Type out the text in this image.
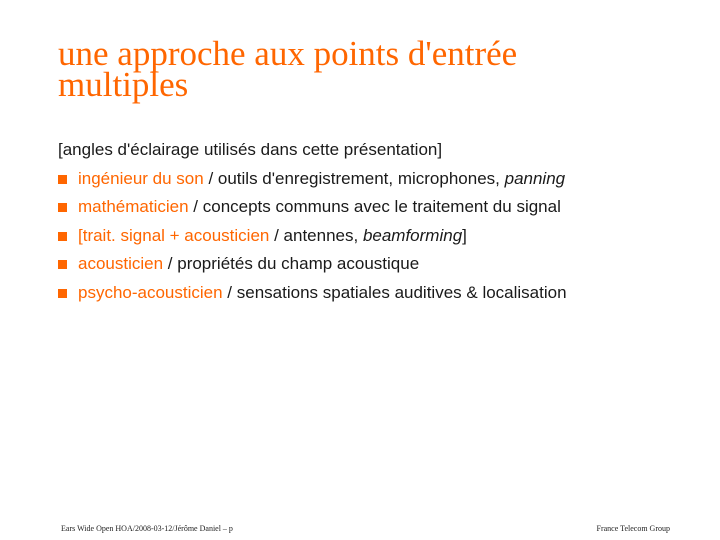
une approche aux points d'entrée
multiples

[angles d'éclairage utilisés dans cette présentation]

ingénieur du son / outils d'enregistrement, microphones, panning
mathématicien / concepts communs avec le traitement du signal
[trait. signal + acousticien / antennes, beamforming]
acousticien / propriétés du champ acoustique
psycho-acousticien / sensations spatiales auditives & localisation
Ears Wide Open HOA/2008-03-12/Jérôme Daniel – p	France Telecom Group
